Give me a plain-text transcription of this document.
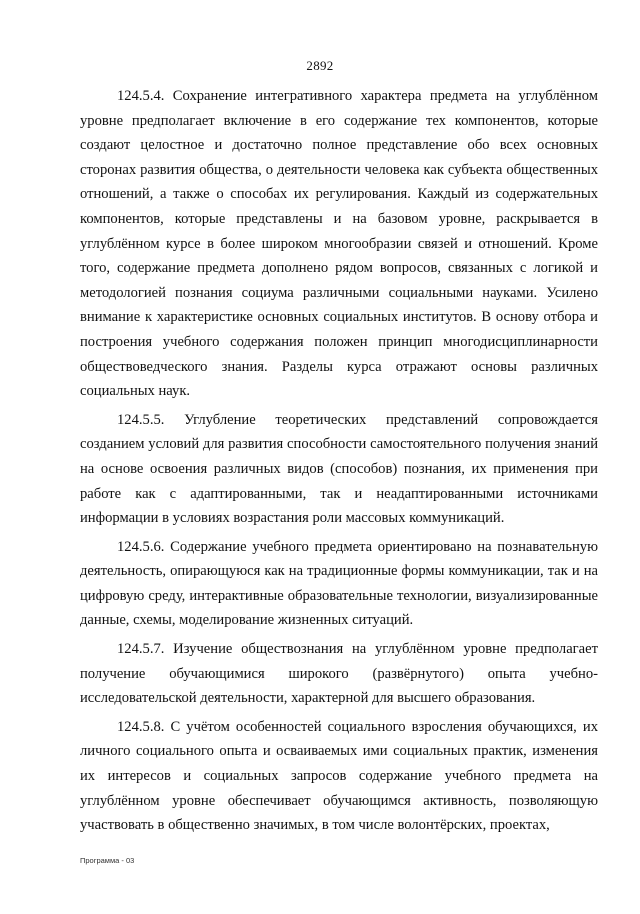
2892

124.5.4. Сохранение интегративного характера предмета на углублённом уровне предполагает включение в его содержание тех компонентов, которые создают целостное и достаточно полное представление обо всех основных сторонах развития общества, о деятельности человека как субъекта общественных отношений, а также о способах их регулирования. Каждый из содержательных компонентов, которые представлены и на базовом уровне, раскрывается в углублённом курсе в более широком многообразии связей и отношений. Кроме того, содержание предмета дополнено рядом вопросов, связанных с логикой и методологией познания социума различными социальными науками. Усилено внимание к характеристике основных социальных институтов. В основу отбора и построения учебного содержания положен принцип многодисциплинарности обществоведческого знания. Разделы курса отражают основы различных социальных наук.

124.5.5. Углубление теоретических представлений сопровождается созданием условий для развития способности самостоятельного получения знаний на основе освоения различных видов (способов) познания, их применения при работе как с адаптированными, так и неадаптированными источниками информации в условиях возрастания роли массовых коммуникаций.

124.5.6. Содержание учебного предмета ориентировано на познавательную деятельность, опирающуюся как на традиционные формы коммуникации, так и на цифровую среду, интерактивные образовательные технологии, визуализированные данные, схемы, моделирование жизненных ситуаций.

124.5.7. Изучение обществознания на углублённом уровне предполагает получение обучающимися широкого (развёрнутого) опыта учебно-исследовательской деятельности, характерной для высшего образования.

124.5.8. С учётом особенностей социального взросления обучающихся, их личного социального опыта и осваиваемых ими социальных практик, изменения их интересов и социальных запросов содержание учебного предмета на углублённом уровне обеспечивает обучающимся активность, позволяющую участвовать в общественно значимых, в том числе волонтёрских, проектах,

Программа - 03
